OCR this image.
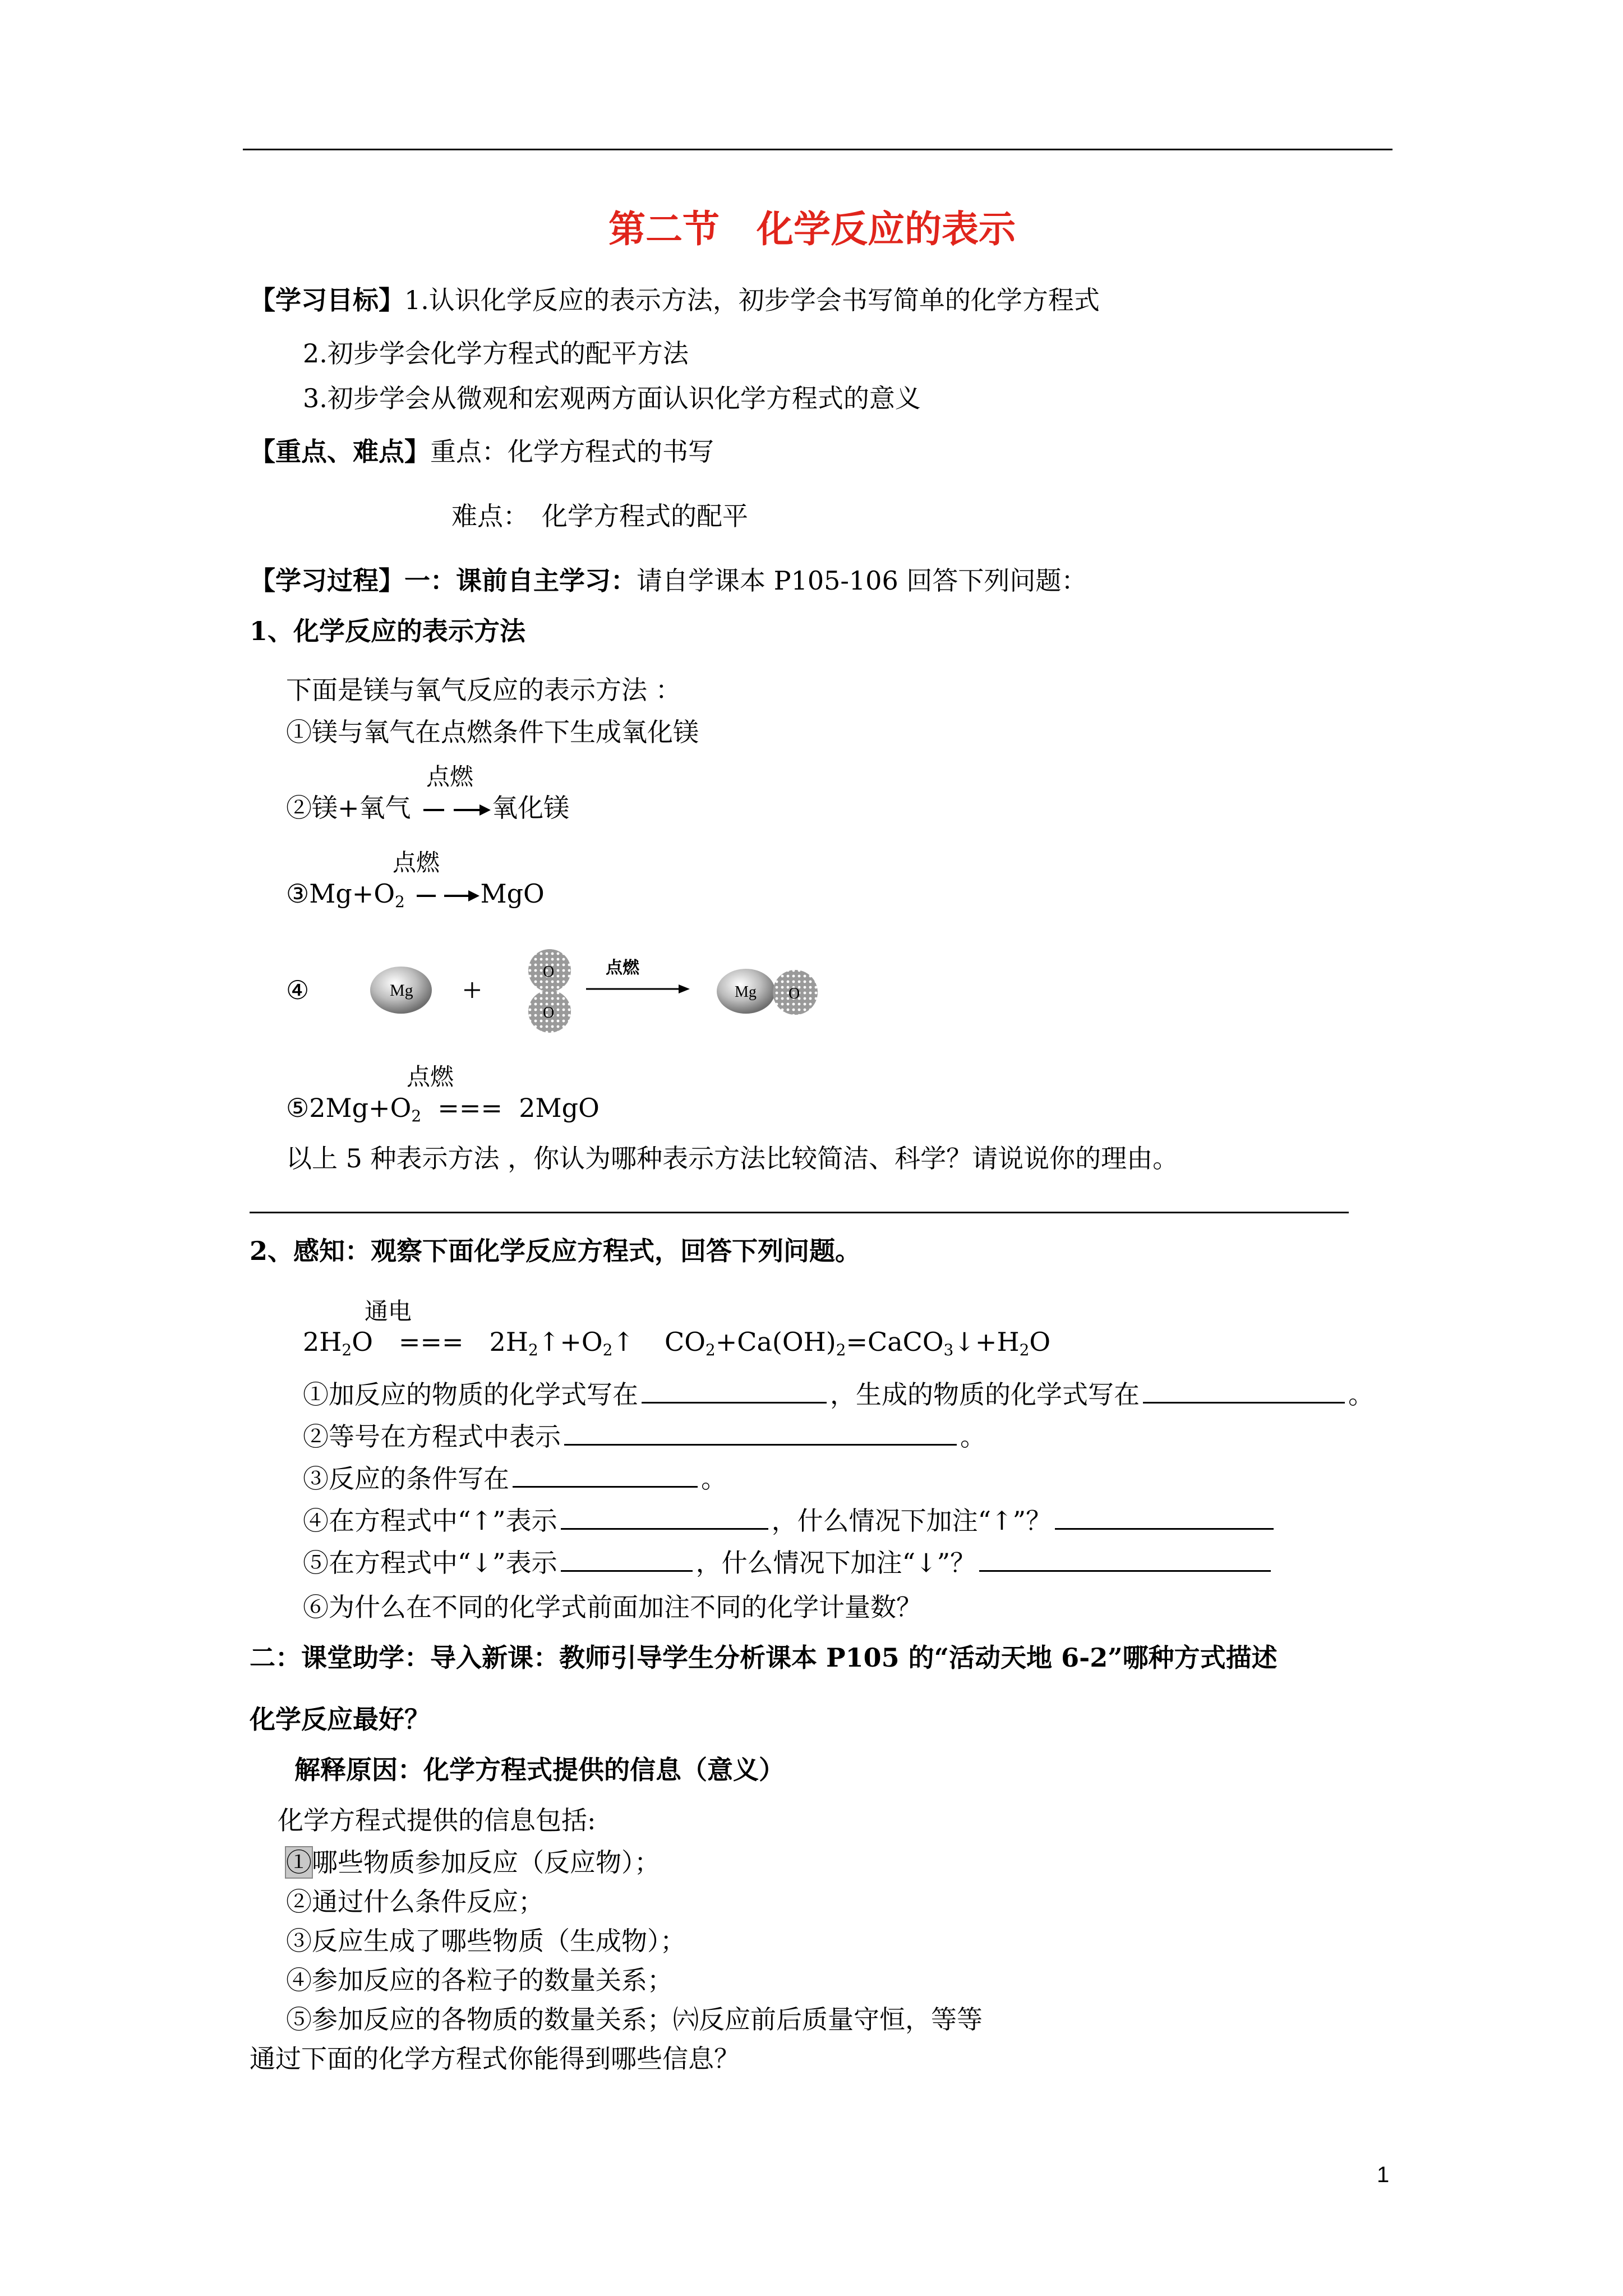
第二节　化学反应的表示
【学习目标】1.认识化学反应的表示方法，初步学会书写简单的化学方程式
2.初步学会化学方程式的配平方法
3.初步学会从微观和宏观两方面认识化学方程式的意义
【重点、难点】重点：化学方程式的书写
难点：　化学方程式的配平
【学习过程】一：课前自主学习：请自学课本 P105-106 回答下列问题：
1、化学反应的表示方法
下面是镁与氧气反应的表示方法 ：
①镁与氧气在点燃条件下生成氧化镁
点燃
②镁+氧气	氧化镁
点燃
$③Mg+O_2$	MgO
④	Mg +	O
O
点燃
Mg O
点燃
$⑤2Mg+O_2$ === 2MgO
以上 5 种表示方法 ，你认为哪种表示方法比较简洁、科学？请说说你的理由。
2、感知：观察下面化学反应方程式，回答下列问题。
通电
$2H_2O$　===　$2H_2↑+O_2↑$ $CO_2+Ca(OH)_2=CaCO_3↓+H_2O$
①加反应的物质的化学式写在	，生成的物质的化学式写在	。
②等号在方程式中表示	。
③反应的条件写在	。
④在方程式中“↑”表示	，什么情况下加注“↑”？
⑤在方程式中“↓”表示	，什么情况下加注“↓”？
⑥为什么在不同的化学式前面加注不同的化学计量数？
二：课堂助学：导入新课：教师引导学生分析课本 P105 的“活动天地 6-2”哪种方式描述
化学反应最好？
解释原因：化学方程式提供的信息（意义）
化学方程式提供的信息包括:
①哪些物质参加反应（反应物）；
②通过什么条件反应；
③反应生成了哪些物质（生成物）；
④参加反应的各粒子的数量关系；
⑤参加反应的各物质的数量关系；㈥反应前后质量守恒，等等
通过下面的化学方程式你能得到哪些信息？
1
